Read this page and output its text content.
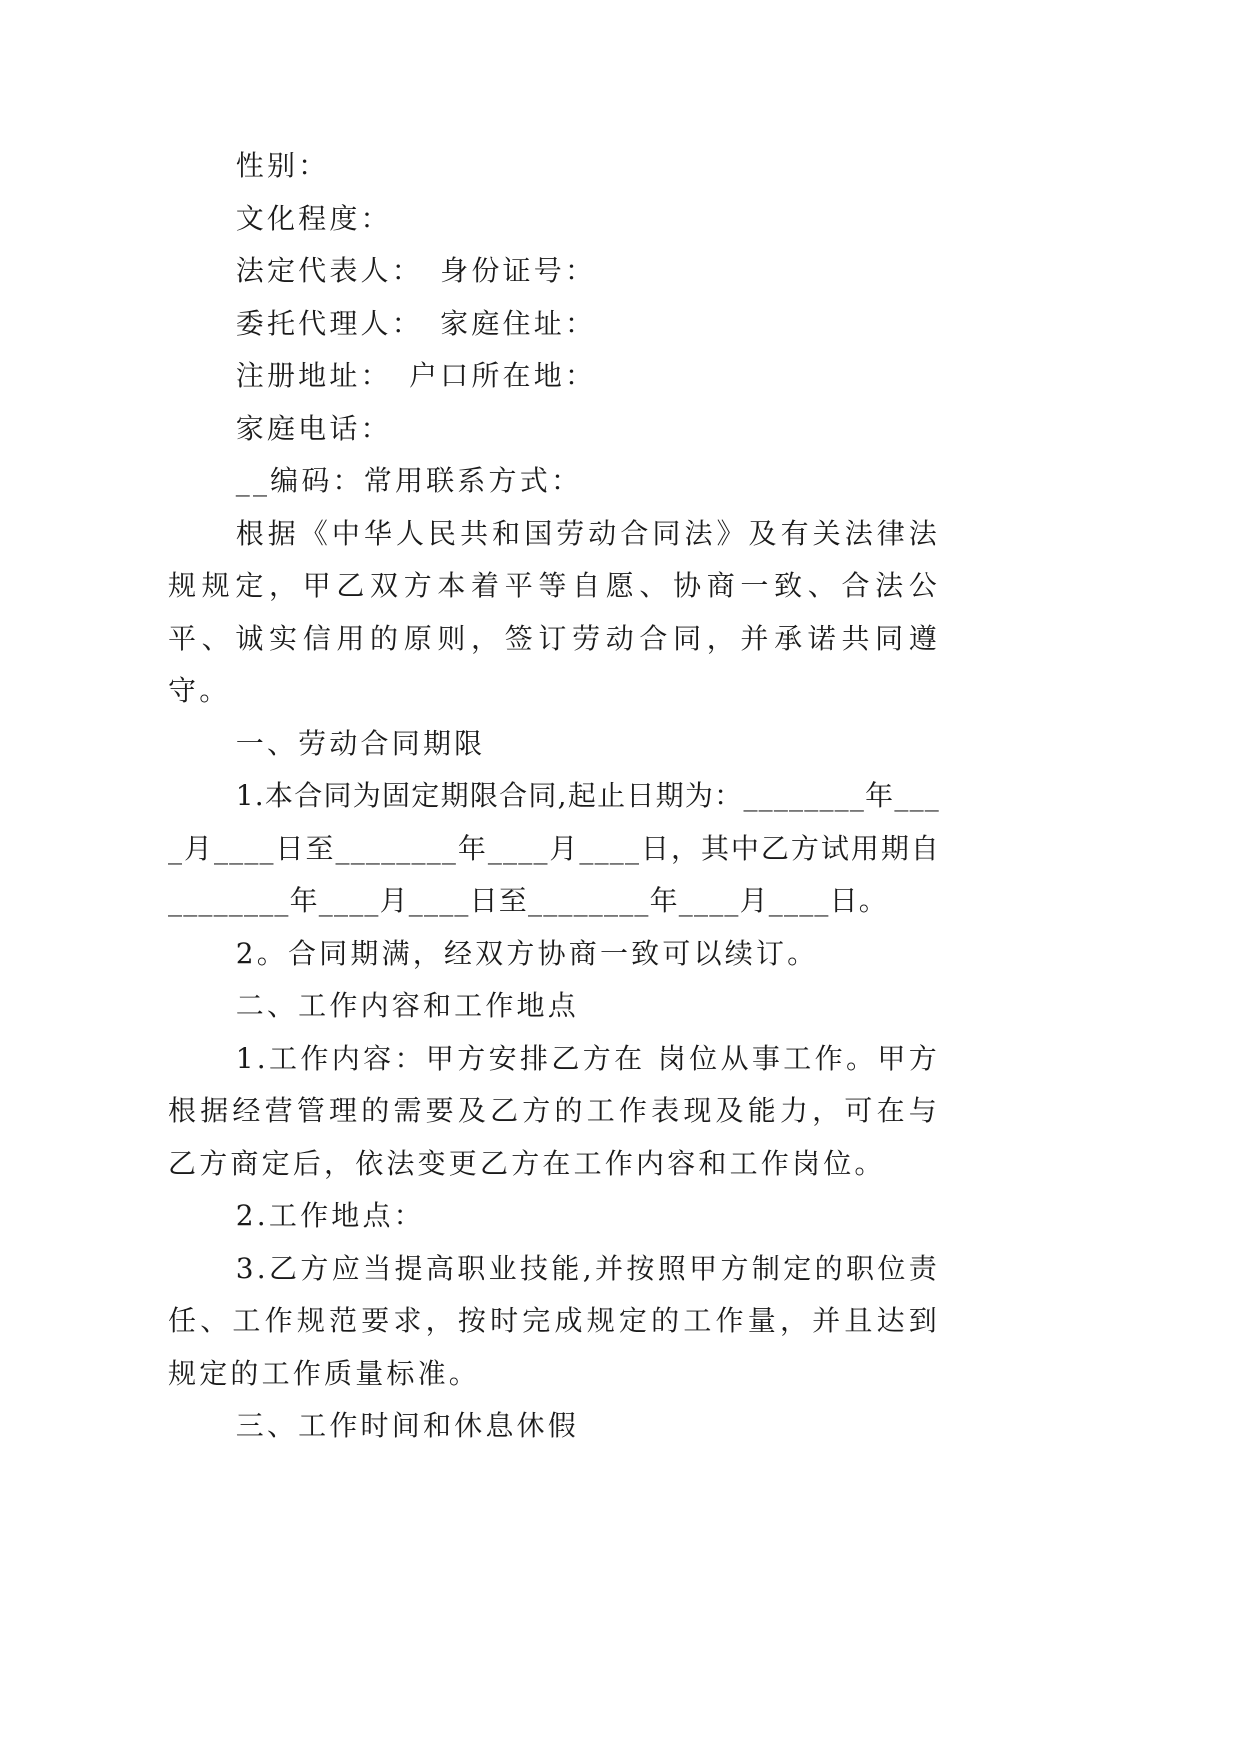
性别：

文化程度：

法定代表人：　身份证号：

委托代理人：　家庭住址：

注册地址：　户口所在地：

家庭电话：

__编码：常用联系方式：

根据《中华人民共和国劳动合同法》及有关法律法规规定，甲乙双方本着平等自愿、协商一致、合法公平、诚实信用的原则，签订劳动合同，并承诺共同遵守。

一、劳动合同期限

1.本合同为固定期限合同,起止日期为：________年____月____日至________年____月____日，其中乙方试用期自________年____月____日至________年____月____日。

2。合同期满，经双方协商一致可以续订。

二、工作内容和工作地点

1.工作内容：甲方安排乙方在 岗位从事工作。甲方根据经营管理的需要及乙方的工作表现及能力，可在与乙方商定后，依法变更乙方在工作内容和工作岗位。

2.工作地点：

3.乙方应当提高职业技能,并按照甲方制定的职位责任、工作规范要求，按时完成规定的工作量，并且达到规定的工作质量标准。

三、工作时间和休息休假
